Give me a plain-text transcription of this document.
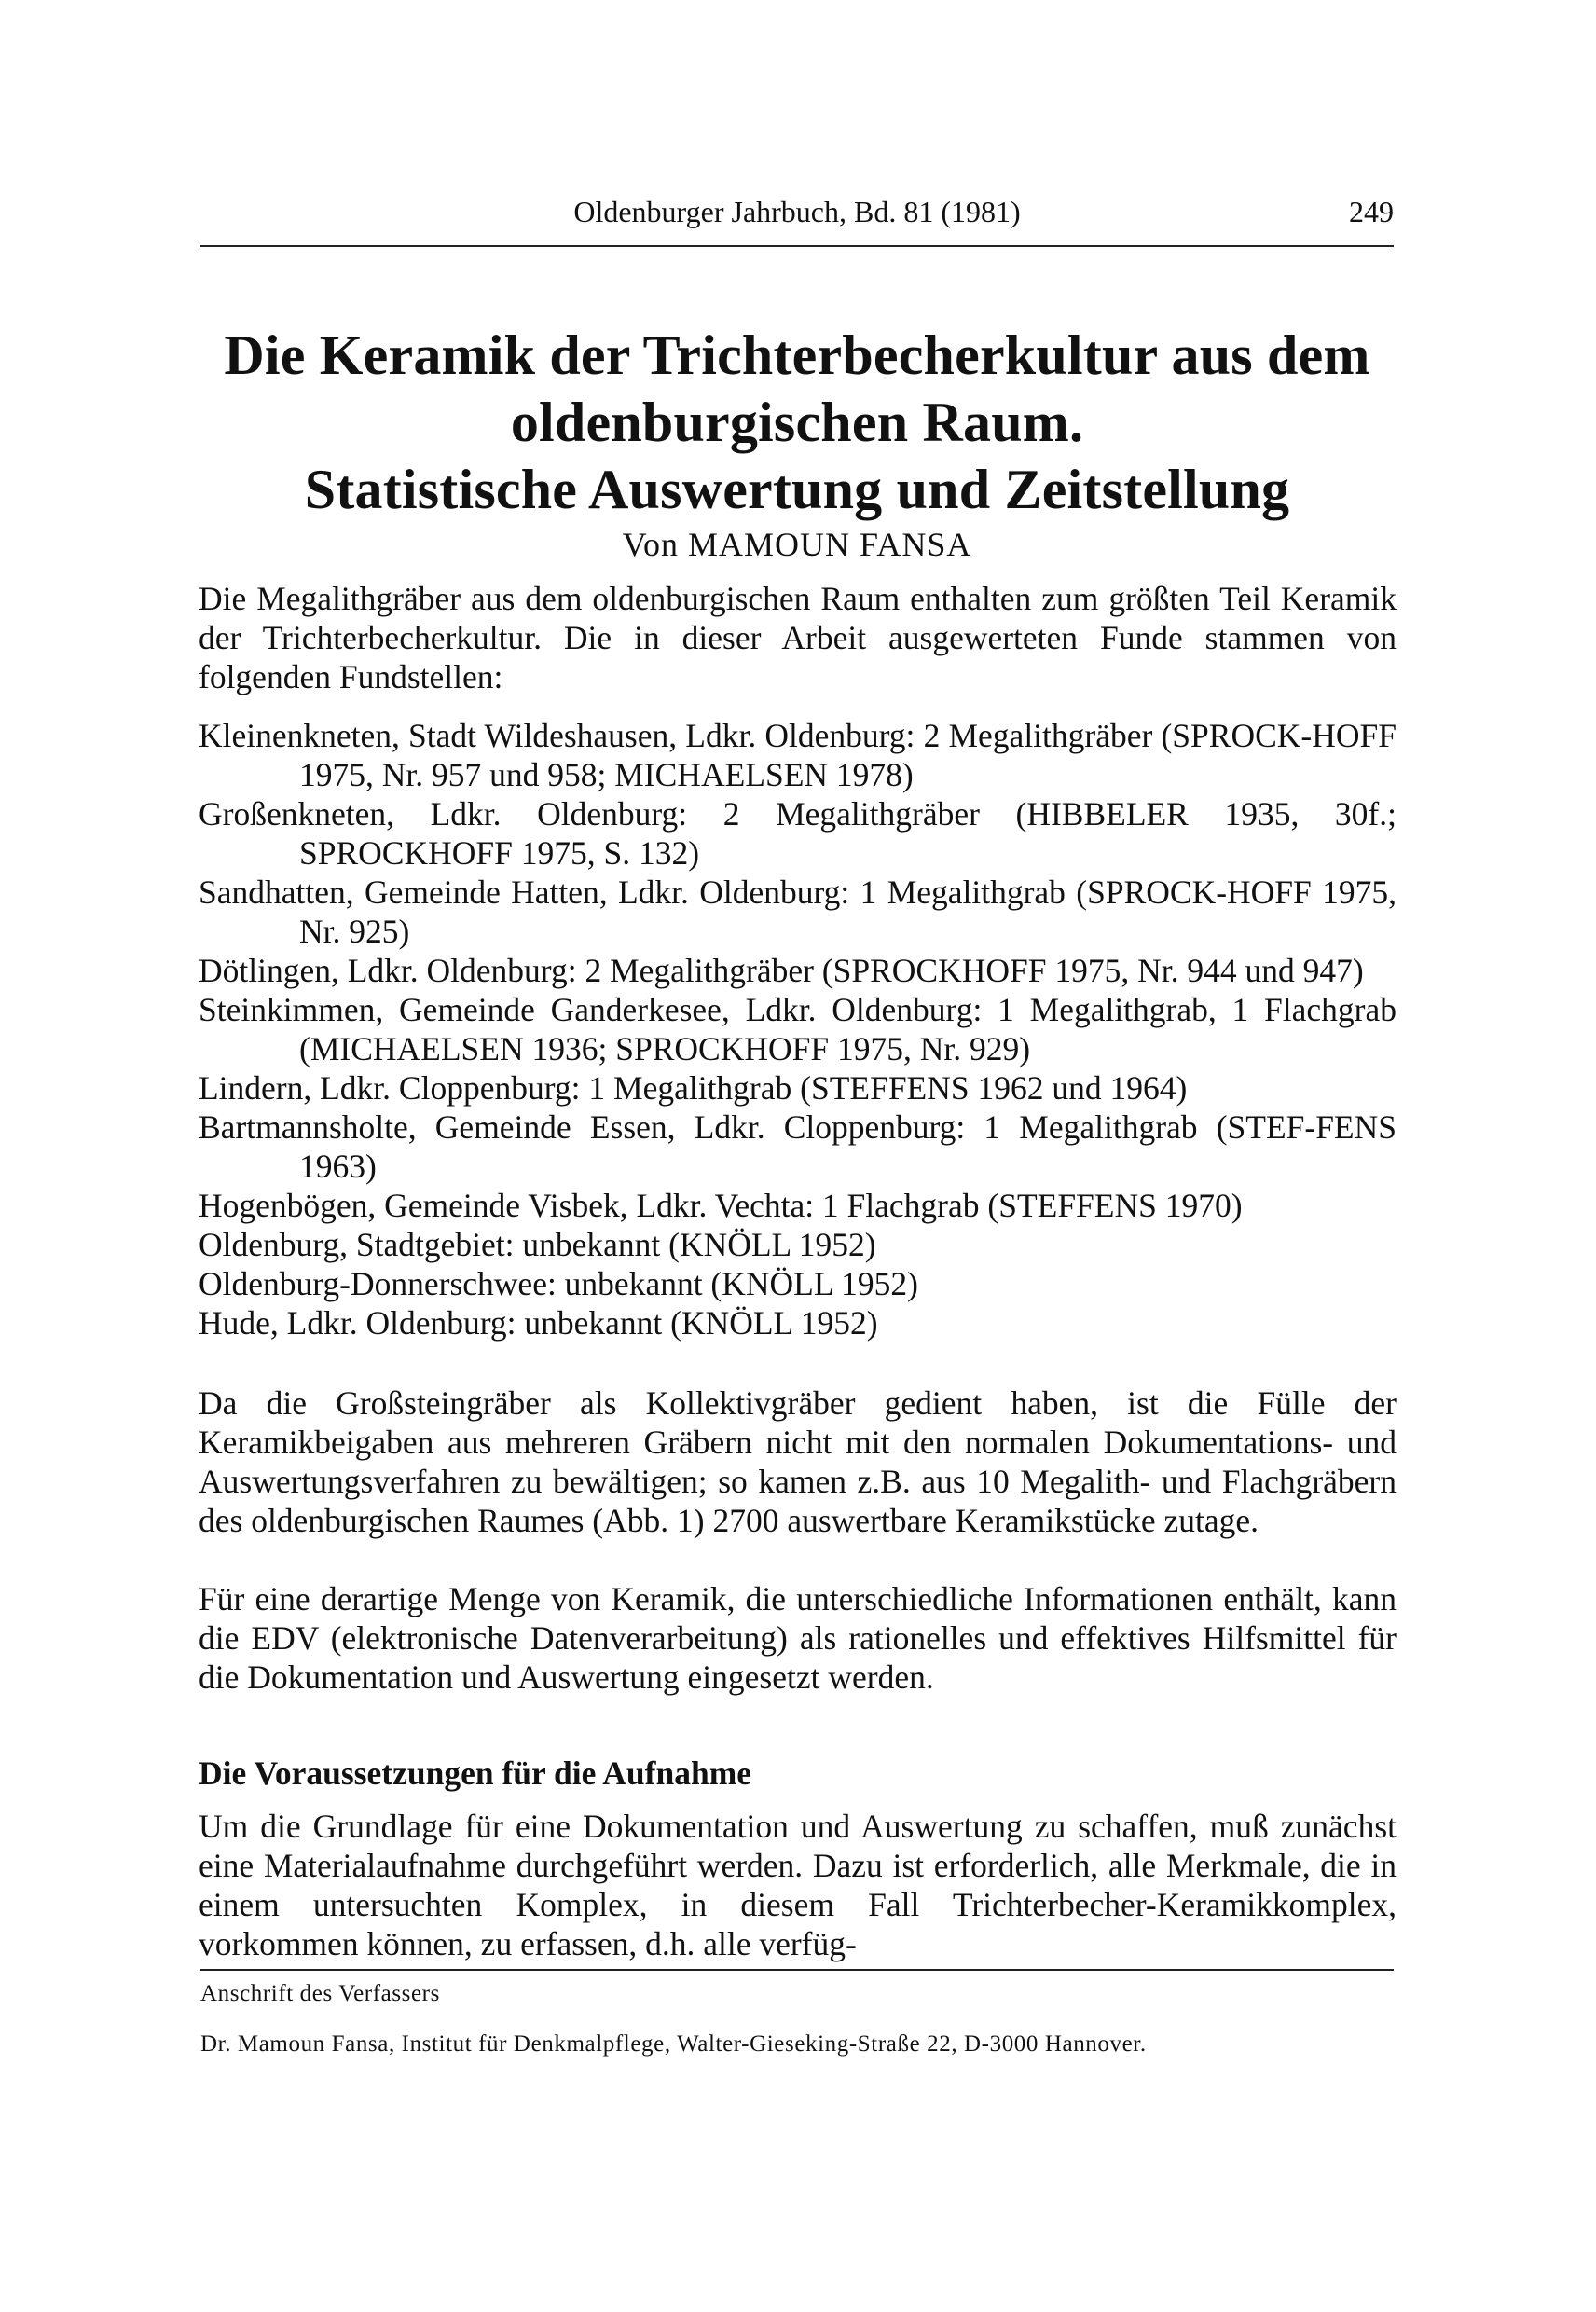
Oldenburger Jahrbuch, Bd. 81 (1981)	249
Die Keramik der Trichterbecherkultur aus dem
oldenburgischen Raum.
Statistische Auswertung und Zeitstellung
Von MAMOUN FANSA

Die Megalithgräber aus dem oldenburgischen Raum enthalten zum größten Teil Keramik der Trichterbecherkultur. Die in dieser Arbeit ausgewerteten Funde stammen von folgenden Fundstellen:

Kleinenkneten, Stadt Wildeshausen, Ldkr. Oldenburg: 2 Megalithgräber (SPROCK-HOFF 1975, Nr. 957 und 958; MICHAELSEN 1978)
Großenkneten, Ldkr. Oldenburg: 2 Megalithgräber (HIBBELER 1935, 30f.; SPROCKHOFF 1975, S. 132)
Sandhatten, Gemeinde Hatten, Ldkr. Oldenburg: 1 Megalithgrab (SPROCK-HOFF 1975, Nr. 925)
Dötlingen, Ldkr. Oldenburg: 2 Megalithgräber (SPROCKHOFF 1975, Nr. 944 und 947)
Steinkimmen, Gemeinde Ganderkesee, Ldkr. Oldenburg: 1 Megalithgrab, 1 Flachgrab (MICHAELSEN 1936; SPROCKHOFF 1975, Nr. 929)
Lindern, Ldkr. Cloppenburg: 1 Megalithgrab (STEFFENS 1962 und 1964)
Bartmannsholte, Gemeinde Essen, Ldkr. Cloppenburg: 1 Megalithgrab (STEF-FENS 1963)
Hogenbögen, Gemeinde Visbek, Ldkr. Vechta: 1 Flachgrab (STEFFENS 1970)
Oldenburg, Stadtgebiet: unbekannt (KNÖLL 1952)
Oldenburg-Donnerschwee: unbekannt (KNÖLL 1952)
Hude, Ldkr. Oldenburg: unbekannt (KNÖLL 1952)

Da die Großsteingräber als Kollektivgräber gedient haben, ist die Fülle der Keramikbeigaben aus mehreren Gräbern nicht mit den normalen Dokumentations- und Auswertungsverfahren zu bewältigen; so kamen z.B. aus 10 Megalith- und Flachgräbern des oldenburgischen Raumes (Abb. 1) 2700 auswertbare Keramikstücke zutage.

Für eine derartige Menge von Keramik, die unterschiedliche Informationen enthält, kann die EDV (elektronische Datenverarbeitung) als rationelles und effektives Hilfsmittel für die Dokumentation und Auswertung eingesetzt werden.

Die Voraussetzungen für die Aufnahme

Um die Grundlage für eine Dokumentation und Auswertung zu schaffen, muß zunächst eine Materialaufnahme durchgeführt werden. Dazu ist erforderlich, alle Merkmale, die in einem untersuchten Komplex, in diesem Fall Trichterbecher-Keramikkomplex, vorkommen können, zu erfassen, d.h. alle verfüg-

Anschrift des Verfassers
Dr. Mamoun Fansa, Institut für Denkmalpflege, Walter-Gieseking-Straße 22, D-3000 Hannover.
